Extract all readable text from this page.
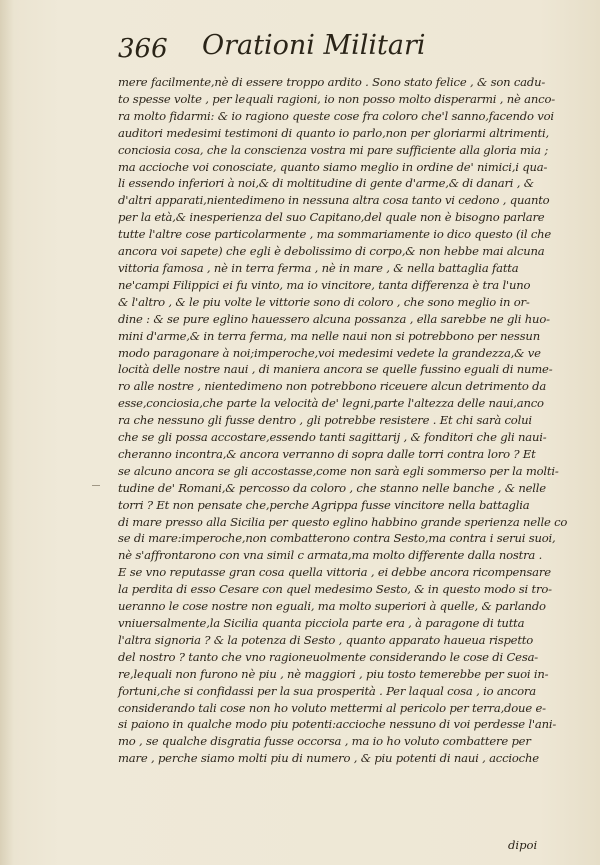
366 Orationi Militari
mere facilmente,nè di essere troppo ardito . Sono stato felice , & son cadu-
to spesse volte , per lequali ragioni, io non posso molto disperarmi , nè anco-
ra molto fidarmi: & io ragiono queste cose fra coloro che'l sanno,facendo voi
auditori medesimi testimoni di quanto io parlo,non per gloriarmi altrimenti,
conciosia cosa, che la conscienza vostra mi pare sufficiente alla gloria mia ;
ma accioche voi conosciate, quanto siamo meglio in ordine de' nimici,i qua-
li essendo inferiori à noi,& di moltitudine di gente d'arme,& di danari , &
d'altri apparati,nientedimeno in nessuna altra cosa tanto vi cedono , quanto
per la età,& inesperienza del suo Capitano,del quale non è bisogno parlare
tutte l'altre cose particolarmente , ma sommariamente io dico questo (il che
ancora voi sapete) che egli è debolissimo di corpo,& non hebbe mai alcuna
vittoria famosa , nè in terra ferma , nè in mare , & nella battaglia fatta
ne'campi Filippici ei fu vinto, ma io vincitore, tanta differenza è tra l'uno
& l'altro , & le piu volte le vittorie sono di coloro , che sono meglio in or-
dine : & se pure eglino hauessero alcuna possanza , ella sarebbe ne gli huo-
mini d'arme,& in terra ferma, ma nelle naui non si potrebbono per nessun
modo paragonare à noi;imperoche,voi medesimi vedete la grandezza,& ve
locità delle nostre naui , di maniera ancora se quelle fussino eguali di nume-
ro alle nostre , nientedimeno non potrebbono riceuere alcun detrimento da
esse,conciosia,che parte la velocità de' legni,parte l'altezza delle naui,anco
ra che nessuno gli fusse dentro , gli potrebbe resistere . Et chi sarà colui
che se gli possa accostare,essendo tanti sagittarij , & fonditori che gli naui-
cheranno incontra,& ancora verranno di sopra dalle torri contra loro ? Et
se alcuno ancora se gli accostasse,come non sarà egli sommerso per la molti-
tudine de' Romani,& percosso da coloro , che stanno nelle banche , & nelle
torri ? Et non pensate che,perche Agrippa fusse vincitore nella battaglia
di mare presso alla Sicilia per questo eglino habbino grande sperienza nelle co
se di mare:imperoche,non combatterono contra Sesto,ma contra i serui suoi,
nè s'affrontarono con vna simil c armata,ma molto differente dalla nostra .
E se vno reputasse gran cosa quella vittoria , ei debbe ancora ricompensare
la perdita di esso Cesare con quel medesimo Sesto, & in questo modo si tro-
ueranno le cose nostre non eguali, ma molto superiori à quelle, & parlando
vniuersalmente,la Sicilia quanta picciola parte era , à paragone di tutta
l'altra signoria ? & la potenza di Sesto , quanto apparato haueua rispetto
del nostro ? tanto che vno ragioneuolmente considerando le cose di Cesa-
re,lequali non furono nè piu , nè maggiori , piu tosto temerebbe per suoi in-
fortuni,che si confidassi per la sua prosperità . Per laqual cosa , io ancora
considerando tali cose non ho voluto mettermi al pericolo per terra,doue e-
si paiono in qualche modo piu potenti:accioche nessuno di voi perdesse l'ani-
mo , se qualche disgratia fusse occorsa , ma io ho voluto combattere per
mare , perche siamo molti piu di numero , & piu potenti di naui , accioche
dipoi
